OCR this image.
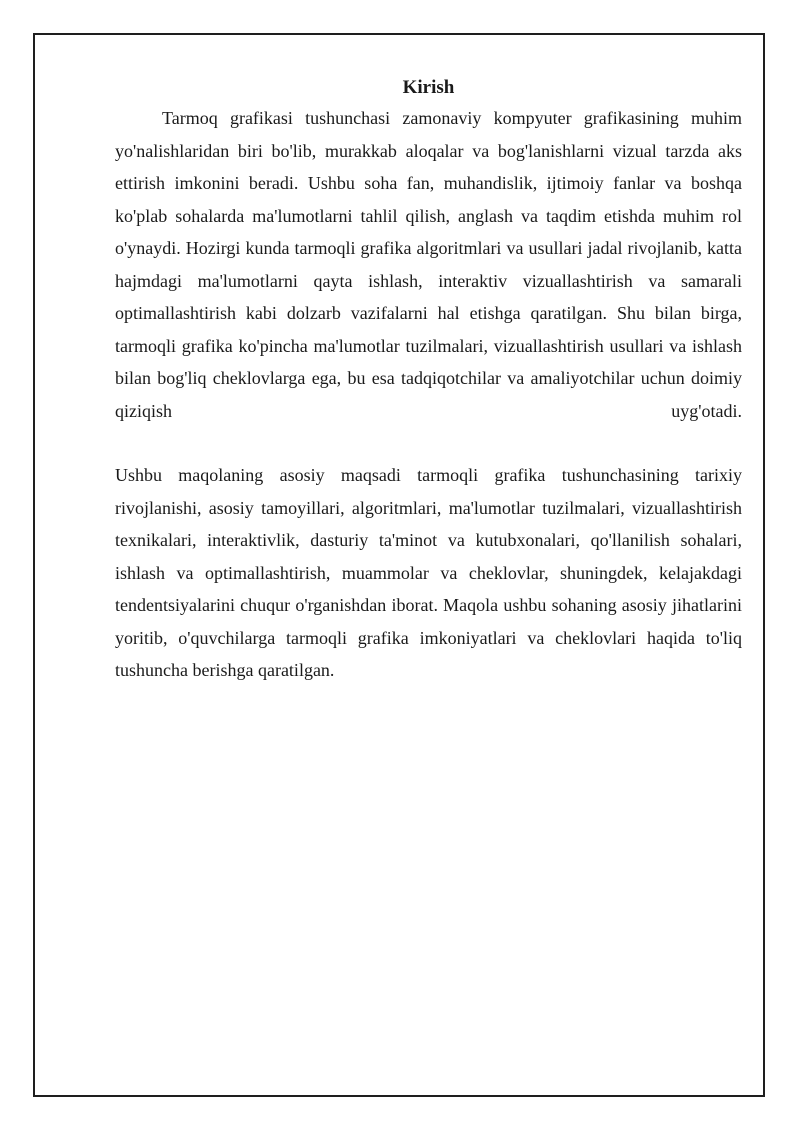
Kirish

Tarmoq grafikasi tushunchasi zamonaviy kompyuter grafikasining muhim yo'nalishlaridan biri bo'lib, murakkab aloqalar va bog'lanishlarni vizual tarzda aks ettirish imkonini beradi. Ushbu soha fan, muhandislik, ijtimoiy fanlar va boshqa ko'plab sohalarda ma'lumotlarni tahlil qilish, anglash va taqdim etishda muhim rol o'ynaydi. Hozirgi kunda tarmoqli grafika algoritmlari va usullari jadal rivojlanib, katta hajmdagi ma'lumotlarni qayta ishlash, interaktiv vizuallashtirish va samarali optimallashtirish kabi dolzarb vazifalarni hal etishga qaratilgan. Shu bilan birga, tarmoqli grafika ko'pincha ma'lumotlar tuzilmalari, vizuallashtirish usullari va ishlash bilan bog'liq cheklovlarga ega, bu esa tadqiqotchilar va amaliyotchilar uchun doimiy qiziqish uyg'otadi.

Ushbu maqolaning asosiy maqsadi tarmoqli grafika tushunchasining tarixiy rivojlanishi, asosiy tamoyillari, algoritmlari, ma'lumotlar tuzilmalari, vizuallashtirish texnikalari, interaktivlik, dasturiy ta'minot va kutubxonalari, qo'llanilish sohalari, ishlash va optimallashtirish, muammolar va cheklovlar, shuningdek, kelajakdagi tendentsiyalarini chuqur o'rganishdan iborat. Maqola ushbu sohaning asosiy jihatlarini yoritib, o'quvchilarga tarmoqli grafika imkoniyatlari va cheklovlari haqida to'liq tushuncha berishga qaratilgan.
